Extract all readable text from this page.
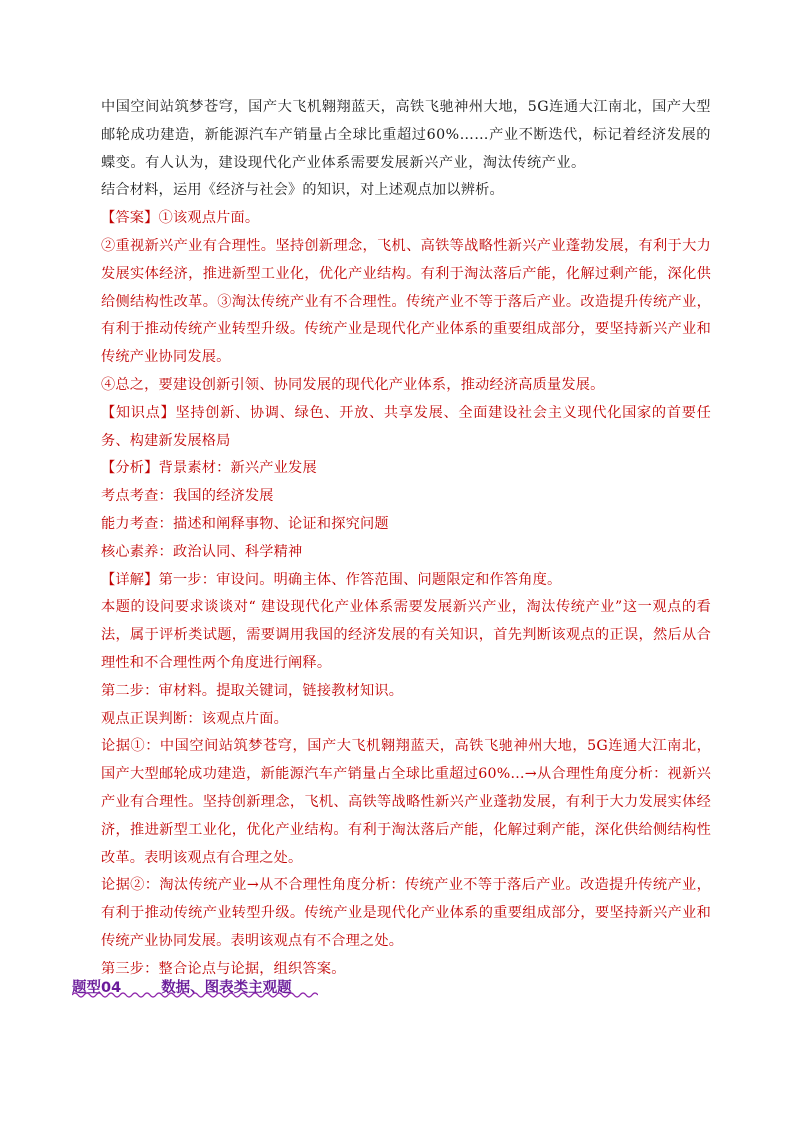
中国空间站筑梦苍穹，国产大飞机翱翔蓝天，高铁飞驰神州大地，5G连通大江南北，国产大型邮轮成功建造，新能源汽车产销量占全球比重超过60%……产业不断迭代，标记着经济发展的蝶变。有人认为，建设现代化产业体系需要发展新兴产业，淘汰传统产业。

结合材料，运用《经济与社会》的知识，对上述观点加以辨析。

【答案】①该观点片面。

②重视新兴产业有合理性。坚持创新理念，飞机、高铁等战略性新兴产业蓬勃发展，有利于大力发展实体经济，推进新型工业化，优化产业结构。有利于淘汰落后产能，化解过剩产能，深化供给侧结构性改革。③淘汰传统产业有不合理性。传统产业不等于落后产业。改造提升传统产业，有利于推动传统产业转型升级。传统产业是现代化产业体系的重要组成部分，要坚持新兴产业和传统产业协同发展。

④总之，要建设创新引领、协同发展的现代化产业体系，推动经济高质量发展。

【知识点】坚持创新、协调、绿色、开放、共享发展、全面建设社会主义现代化国家的首要任务、构建新发展格局

【分析】背景素材：新兴产业发展

考点考查：我国的经济发展

能力考查：描述和阐释事物、论证和探究问题

核心素养：政治认同、科学精神

【详解】第一步：审设问。明确主体、作答范围、问题限定和作答角度。

本题的设问要求谈谈对“ 建设现代化产业体系需要发展新兴产业，淘汰传统产业”这一观点的看法，属于评析类试题，需要调用我国的经济发展的有关知识，首先判断该观点的正误，然后从合理性和不合理性两个角度进行阐释。

第二步：审材料。提取关键词，链接教材知识。

观点正误判断：该观点片面。

论据①：中国空间站筑梦苍穹，国产大飞机翱翔蓝天，高铁飞驰神州大地，5G连通大江南北，国产大型邮轮成功建造，新能源汽车产销量占全球比重超过60%…→从合理性角度分析：视新兴产业有合理性。坚持创新理念，飞机、高铁等战略性新兴产业蓬勃发展，有利于大力发展实体经济，推进新型工业化，优化产业结构。有利于淘汰落后产能，化解过剩产能，深化供给侧结构性改革。表明该观点有合理之处。

论据②：淘汰传统产业→从不合理性角度分析：传统产业不等于落后产业。改造提升传统产业，有利于推动传统产业转型升级。传统产业是现代化产业体系的重要组成部分，要坚持新兴产业和传统产业协同发展。表明该观点有不合理之处。

第三步：整合论点与论据，组织答案。

题型04	数据、图表类主观题
